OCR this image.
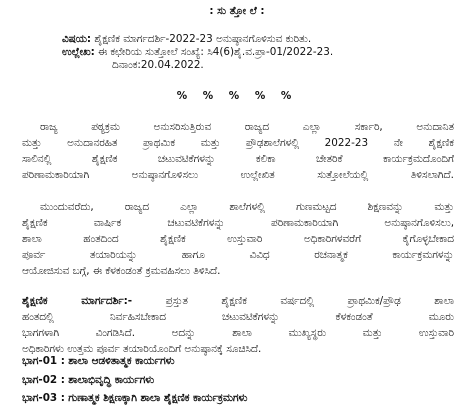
: ಸು ತ್ತೋ ಲೆ :
ವಿಷಯ: ಶೈಕ್ಷಣಿಕ ಮಾರ್ಗದರ್ಶಿ-2022-23 ಅನುಷ್ಠಾನಗೊಳಿಸುವ ಕುರಿತು.
ಉಲ್ಲೇಖ: ಈ ಕಛೇರಿಯ ಸುತ್ತೋಲೆ ಸಂಖ್ಯೆ: ಸಿ4(6)ಶೈ.ವ.ಪ್ರಾ-01/2022-23.
ದಿನಾಂಕ:20.04.2022.
% % % % %
ರಾಜ್ಯ ಪಠ್ಯಕ್ರಮ ಅನುಸರಿಸುತ್ತಿರುವ ರಾಜ್ಯದ ಎಲ್ಲಾ ಸರ್ಕಾರಿ, ಅನುದಾನಿತ
ಮತ್ತು ಅನುದಾನರಹಿತ ಪ್ರಾಥಮಿಕ ಮತ್ತು ಪ್ರೌಢಶಾಲೆಗಳಲ್ಲಿ 2022-23 ನೇ ಶೈಕ್ಷಣಿಕ
ಸಾಲಿನಲ್ಲಿ ಶೈಕ್ಷಣಿಕ ಚಟುವಟಿಕೆಗಳನ್ನು ಕಲಿಕಾ ಚೇತರಿಕೆ ಕಾರ್ಯಕ್ರಮದೊಂದಿಗೆ
ಪರಿಣಾಮಕಾರಿಯಾಗಿ ಅನುಷ್ಠಾನಗೊಳಿಸಲು ಉಲ್ಲೇಖಿತ ಸುತ್ತೋಲೆಯಲ್ಲಿ ತಿಳಿಸಲಾಗಿದೆ.
ಮುಂದುವರೆದು, ರಾಜ್ಯದ ಎಲ್ಲಾ ಶಾಲೆಗಳಲ್ಲಿ ಗುಣಮಟ್ಟದ ಶಿಕ್ಷಣವನ್ನು ಮತ್ತು
ಶೈಕ್ಷಣಿಕ ವಾರ್ಷಿಕ ಚಟುವಟಿಕೆಗಳನ್ನು ಪರಿಣಾಮಕಾರಿಯಾಗಿ ಅನುಷ್ಠಾನಗೊಳಿಸಲು,
ಶಾಲಾ ಹಂತದಿಂದ ಶೈಕ್ಷಣಿಕ ಉಸ್ತುವಾರಿ ಅಧಿಕಾರಿಗಳವರೆಗೆ ಕೈಗೊಳ್ಳಬೇಕಾದ
ಪೂರ್ವ ತಯಾರಿಯನ್ನು ಹಾಗೂ ವಿವಿಧ ರಚನಾತ್ಮಕ ಕಾರ್ಯಕ್ರಮಗಳನ್ನು
ಆಯೋಜಿಸುವ ಬಗ್ಗೆ, ಈ ಕೆಳಕಂಡಂತೆ ಕ್ರಮವಹಿಸಲು ತಿಳಿಸಿದೆ.
ಶೈಕ್ಷಣಿಕ ಮಾರ್ಗದರ್ಶಿ:-	ಪ್ರಸ್ತುತ ಶೈಕ್ಷಣಿಕ ವರ್ಷದಲ್ಲಿ ಪ್ರಾಥಮಿಕ/ಪ್ರೌಢ ಶಾಲಾ
ಹಂತದಲ್ಲಿ ನಿರ್ವಹಿಸಬೇಕಾದ ಚಟುವಟಿಕೆಗಳನ್ನು ಕೆಳಕಂಡಂತೆ ಮೂರು
ಭಾಗಗಳಾಗಿ ವಿಂಗಡಿಸಿದೆ. ಅದನ್ನು ಶಾಲಾ ಮುಖ್ಯಸ್ಥರು ಮತ್ತು ಉಸ್ತುವಾರಿ
ಅಧಿಕಾರಿಗಳು ಉತ್ತಮ ಪೂರ್ವ ತಯಾರಿಯೊಂದಿಗೆ ಅನುಷ್ಠಾನಕ್ಕೆ ಸೂಚಿಸಿದೆ.
ಭಾಗ-01 : ಶಾಲಾ ಆಡಳಿತಾತ್ಮಕ ಕಾರ್ಯಗಳು
ಭಾಗ-02 : ಶಾಲಾಭಿವೃದ್ಧಿ ಕಾರ್ಯಗಳು
ಭಾಗ-03 : ಗುಣಾತ್ಮಕ ಶಿಕ್ಷಣಕ್ಕಾಗಿ ಶಾಲಾ ಶೈಕ್ಷಣಿಕ ಕಾರ್ಯಕ್ರಮಗಳು
